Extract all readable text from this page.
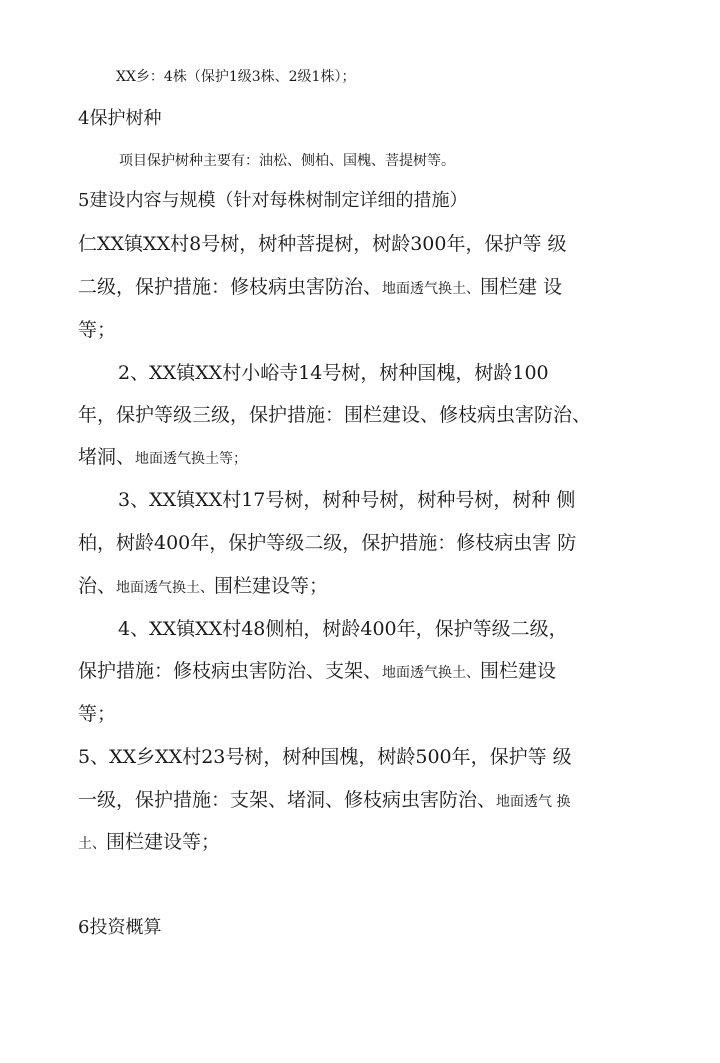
XX乡：4株（保护1级3株、2级1株）；
4保护树种
项目保护树种主要有：油松、侧柏、国槐、菩提树等。
5建设内容与规模（针对每株树制定详细的措施）
仁XX镇XX村8号树，树种菩提树，树龄300年，保护等 级
二级，保护措施：修枝病虫害防治、地面透气换土、围栏建 设
等；
2、XX镇XX村小峪寺14号树，树种国槐，树龄100
年，保护等级三级，保护措施：围栏建设、修枝病虫害防治、
堵洞、地面透气换土等；
3、XX镇XX村17号树，树种号树，树种号树，树种 侧
柏，树龄400年，保护等级二级，保护措施：修枝病虫害 防
治、地面透气换土、围栏建设等；
4、XX镇XX村48侧柏，树龄400年，保护等级二级，
保护措施：修枝病虫害防治、支架、地面透气换土、围栏建设
等；
5、XX乡XX村23号树，树种国槐，树龄500年，保护等 级
一级，保护措施：支架、堵洞、修枝病虫害防治、地面透气 换
土、围栏建设等；
6投资概算
